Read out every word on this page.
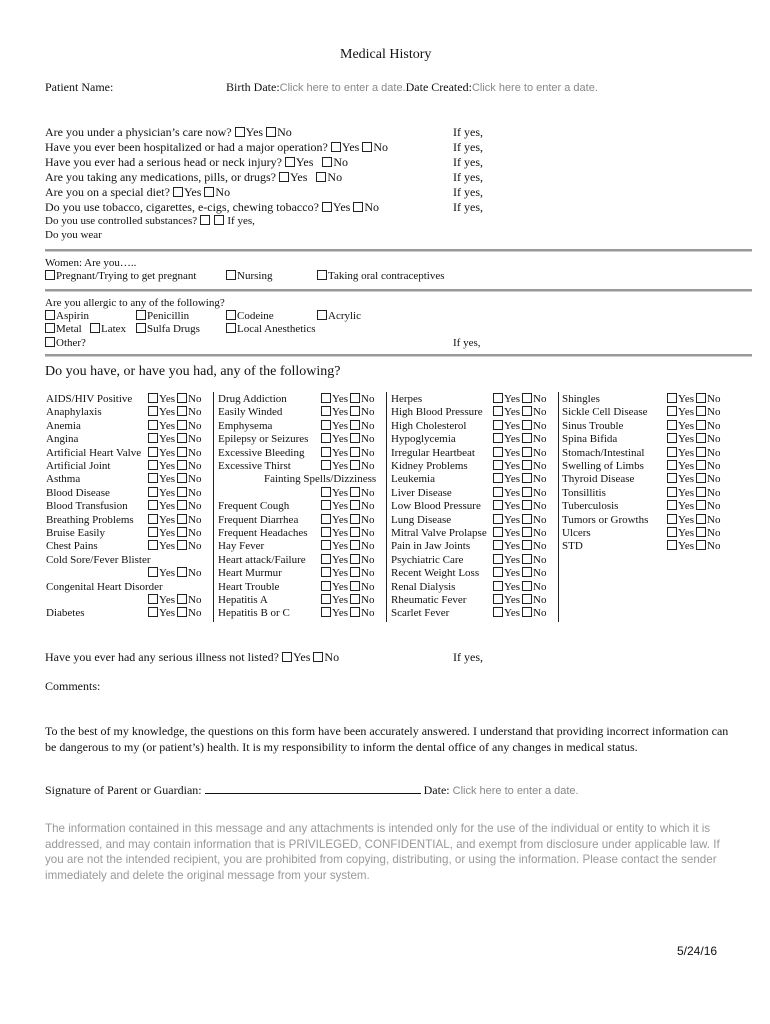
Medical History
Patient Name:	Birth Date:Click here to enter a date.Date Created:Click here to enter a date.
Are you under a physician’s care now? Yes No	If yes,
Have you ever been hospitalized or had a major operation? Yes No	If yes,
Have you ever had a serious head or neck injury? Yes No	If yes,
Are you taking any medications, pills, or drugs? Yes No	If yes,
Are you on a special diet? Yes No	If yes,
Do you use tobacco, cigarettes, e-cigs, chewing tobacco? Yes No	If yes,
Do you use controlled substances?	If yes,
Do you wear
Women: Are you…..
Pregnant/Trying to get pregnant	Nursing	Taking oral contraceptives
Are you allergic to any of the following?
Aspirin	Penicillin	Codeine	Acrylic
Metal	Latex	Sulfa Drugs	Local Anesthetics
Other?	If yes,
Do you have, or have you had, any of the following?
AIDS/HIV Positive	Yes No
Anaphylaxis	Yes No
Anemia	Yes No
Angina	Yes No
Artificial Heart Valve	Yes No
Artificial Joint	Yes No
Asthma	Yes No
Blood Disease	Yes No
Blood Transfusion	Yes No
Breathing Problems	Yes No
Bruise Easily	Yes No
Chest Pains	Yes No
Cold Sore/Fever Blister
Yes No
Congenital Heart Disorder
Yes No
Diabetes	Yes No
Drug Addiction	Yes No
Easily Winded	Yes No
Emphysema	Yes No
Epilepsy or Seizures	Yes No
Excessive Bleeding	Yes No
Excessive Thirst	Yes No
Fainting Spells/Dizziness
Yes No
Frequent Cough	Yes No
Frequent Diarrhea	Yes No
Frequent Headaches	Yes No
Hay Fever	Yes No
Heart attack/Failure	Yes No
Heart Murmur	Yes No
Heart Trouble	Yes No
Hepatitis A	Yes No
Hepatitis B or C	Yes No
Herpes	Yes No
High Blood Pressure	Yes No
High Cholesterol	Yes No
Hypoglycemia	Yes No
Irregular Heartbeat	Yes No
Kidney Problems	Yes No
Leukemia	Yes No
Liver Disease	Yes No
Low Blood Pressure	Yes No
Lung Disease	Yes No
Mitral Valve Prolapse	Yes No
Pain in Jaw Joints	Yes No
Psychiatric Care	Yes No
Recent Weight Loss	Yes No
Renal Dialysis	Yes No
Rheumatic Fever	Yes No
Scarlet Fever	Yes No
Shingles	Yes No
Sickle Cell Disease	Yes No
Sinus Trouble	Yes No
Spina Bifida	Yes No
Stomach/Intestinal	Yes No
Swelling of Limbs	Yes No
Thyroid Disease	Yes No
Tonsillitis	Yes No
Tuberculosis	Yes No
Tumors or Growths	Yes No
Ulcers	Yes No
STD	Yes No
Have you ever had any serious illness not listed? Yes No	If yes,
Comments:
To the best of my knowledge, the questions on this form have been accurately answered. I understand that providing incorrect information can be dangerous to my (or patient’s) health. It is my responsibility to inform the dental office of any changes in medical status.
Signature of Parent or Guardian:	Date: Click here to enter a date.
The information contained in this message and any attachments is intended only for the use of the individual or entity to which it is addressed, and may contain information that is PRIVILEGED, CONFIDENTIAL, and exempt from disclosure under applicable law. If you are not the intended recipient, you are prohibited from copying, distributing, or using the information. Please contact the sender immediately and delete the original message from your system.
5/24/16
